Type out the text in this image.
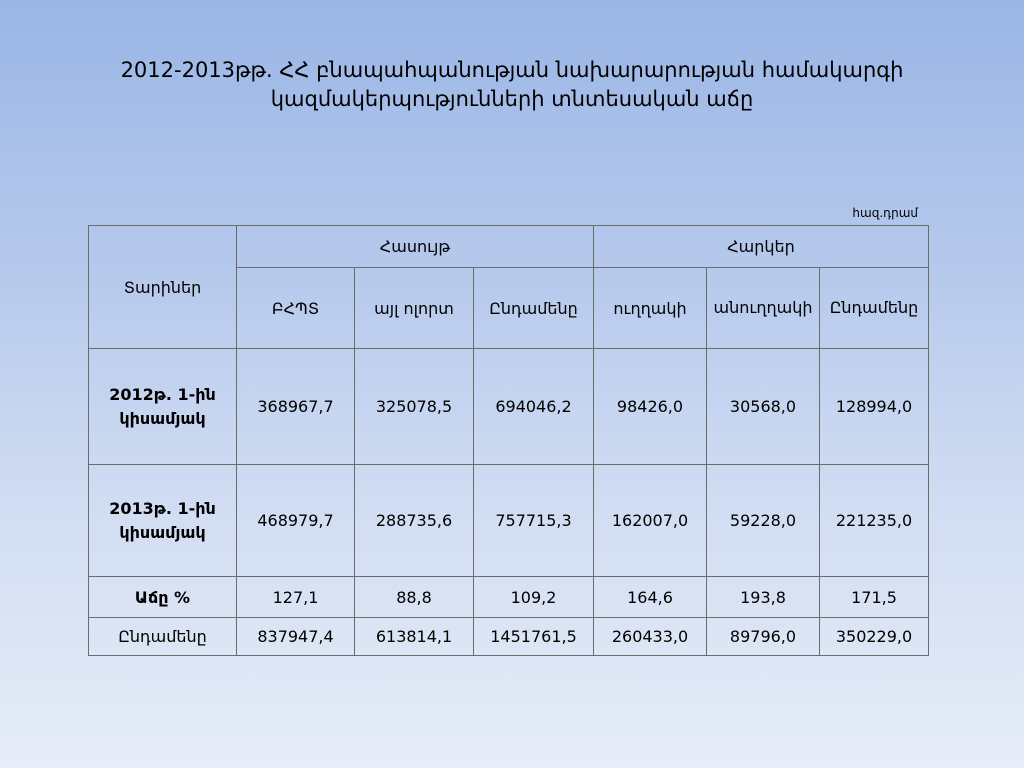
2012-2013թթ. ՀՀ բնապահպանության նախարարության համակարգի
կազմակերպությունների տնտեսական աճը
հազ.դրամ
Տարիներ	Հասույթ			Հարկեր		
	ԲՀՊՏ	այլ ոլորտ	Ընդամենը	ուղղակի	անուղղակի	Ընդամենը

2012թ. 1-ին
կիսամյակ	368967,7	325078,5	694046,2	98426,0	30568,0	128994,0

2013թ. 1-ին
կիսամյակ	468979,7	288735,6	757715,3	162007,0	59228,0	221235,0
Աճը %	127,1	88,8	109,2	164,6	193,8	171,5
Ընդամենը	837947,4	613814,1	1451761,5	260433,0	89796,0	350229,0
